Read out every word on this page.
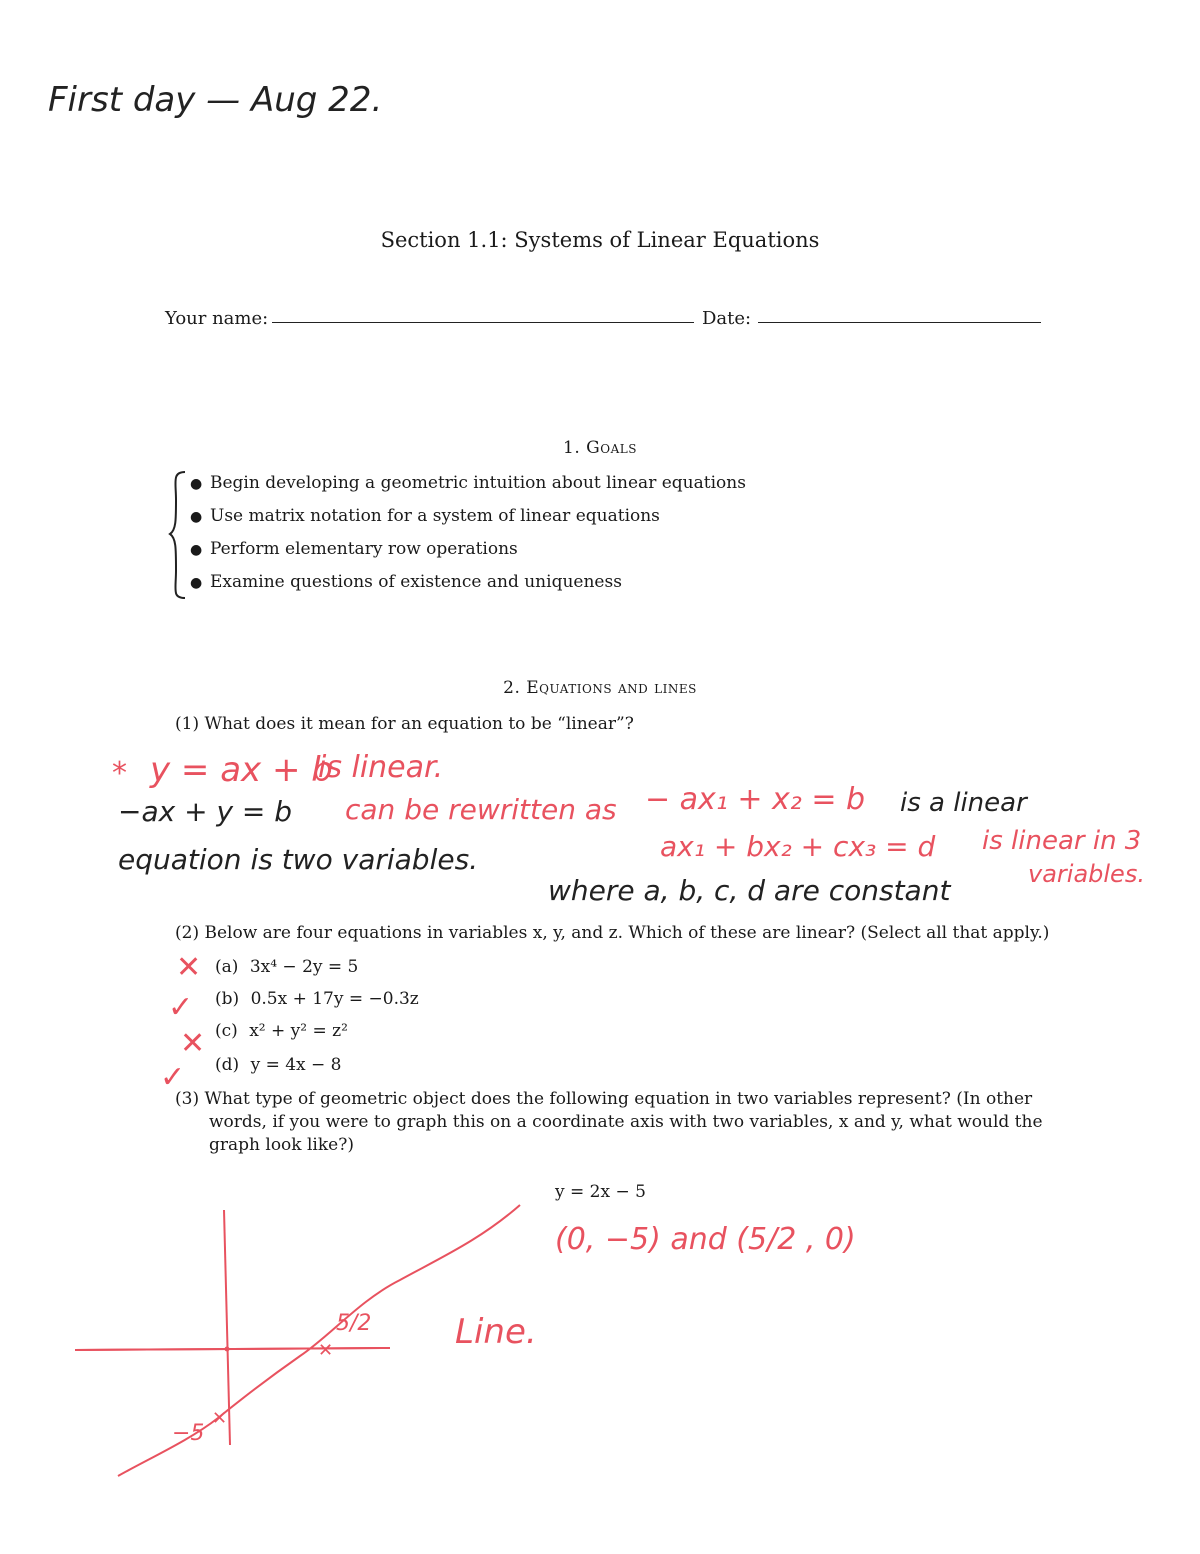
First day — Aug 22.
Section 1.1: Systems of Linear Equations
Your name:	Date:
1. Goals
● Begin developing a geometric intuition about linear equations
● Use matrix notation for a system of linear equations
● Perform elementary row operations
● Examine questions of existence and uniqueness
2. Equations and lines
(1) What does it mean for an equation to be “linear”?
* y = ax + b
is linear.
−ax + y = b can be rewritten as − ax₁ + x₂ = b is a linear
equation is two variables.	ax₁ + bx₂ + cx₃ = d is linear in 3
variables.
where a, b, c, d are constant
(2) Below are four equations in variables x, y, and z. Which of these are linear? (Select all that apply.)
(a) 3x⁴ − 2y = 5
(b) 0.5x + 17y = −0.3z
(c) x² + y² = z²
(d) y = 4x − 8
✕
✓
✕
✓
(3) What type of geometric object does the following equation in two variables represent? (In other
words, if you were to graph this on a coordinate axis with two variables, x and y, what would the
graph look like?)
y = 2x − 5
(0, −5) and (5/2 , 0)
Line.
✕
✕
5/2
−5
